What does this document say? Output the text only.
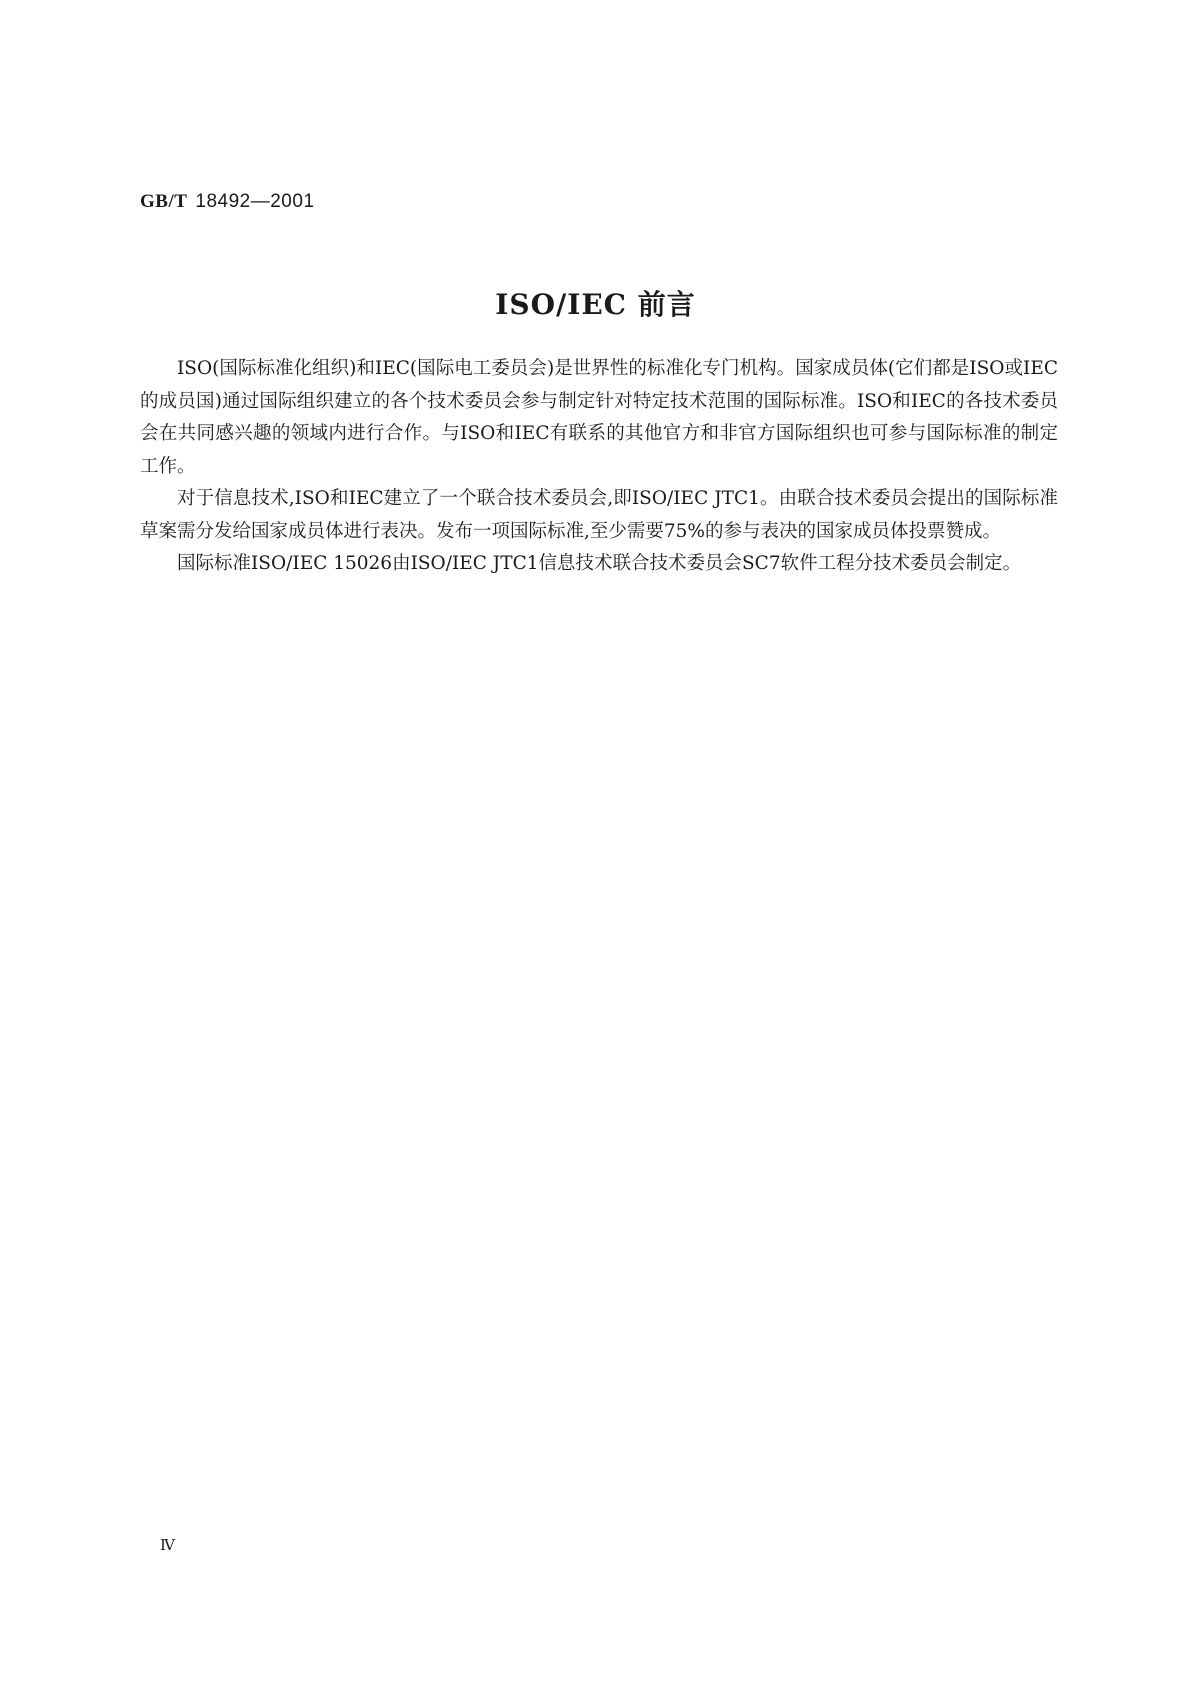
GB/T 18492—2001
ISO/IEC 前言

ISO(国际标准化组织)和IEC(国际电工委员会)是世界性的标准化专门机构。国家成员体(它们都是ISO或IEC的成员国)通过国际组织建立的各个技术委员会参与制定针对特定技术范围的国际标准。ISO和IEC的各技术委员会在共同感兴趣的领域内进行合作。与ISO和IEC有联系的其他官方和非官方国际组织也可参与国际标准的制定工作。

对于信息技术,ISO和IEC建立了一个联合技术委员会,即ISO/IEC JTC1。由联合技术委员会提出的国际标准草案需分发给国家成员体进行表决。发布一项国际标准,至少需要75%的参与表决的国家成员体投票赞成。

国际标准ISO/IEC 15026由ISO/IEC JTC1信息技术联合技术委员会SC7软件工程分技术委员会制定。

Ⅳ
